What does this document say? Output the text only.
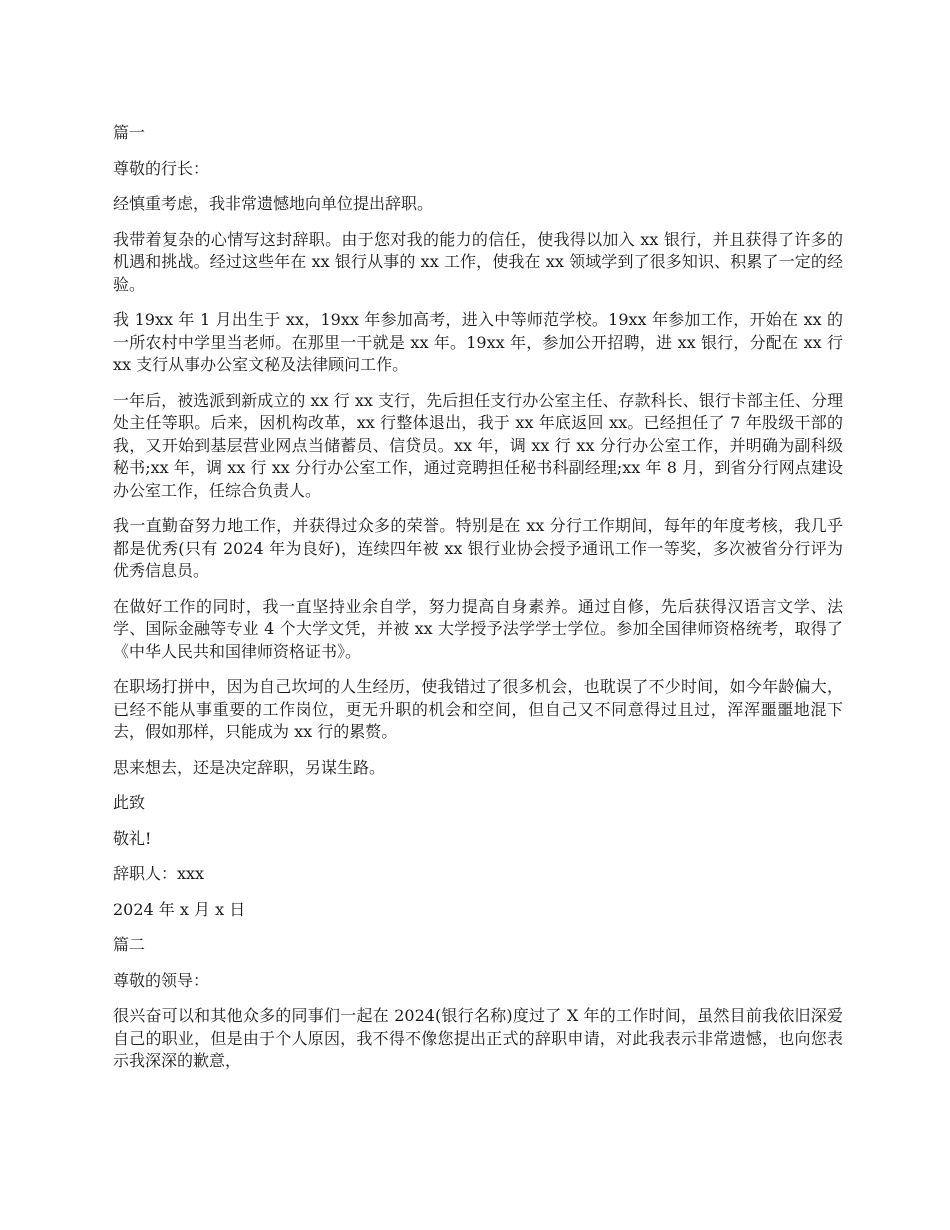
篇一

尊敬的行长：

经慎重考虑，我非常遗憾地向单位提出辞职。

我带着复杂的心情写这封辞职。由于您对我的能力的信任，使我得以加入 xx 银行，并且获得了许多的机遇和挑战。经过这些年在 xx 银行从事的 xx 工作，使我在 xx 领域学到了很多知识、积累了一定的经验。

我 19xx 年 1 月出生于 xx，19xx 年参加高考，进入中等师范学校。19xx 年参加工作，开始在 xx 的一所农村中学里当老师。在那里一干就是 xx 年。19xx 年，参加公开招聘，进 xx 银行，分配在 xx 行 xx 支行从事办公室文秘及法律顾问工作。

一年后，被选派到新成立的 xx 行 xx 支行，先后担任支行办公室主任、存款科长、银行卡部主任、分理处主任等职。后来，因机构改革，xx 行整体退出，我于 xx 年底返回 xx。已经担任了 7 年股级干部的我，又开始到基层营业网点当储蓄员、信贷员。xx 年，调 xx 行 xx 分行办公室工作，并明确为副科级秘书;xx 年，调 xx 行 xx 分行办公室工作，通过竞聘担任秘书科副经理;xx 年 8 月，到省分行网点建设办公室工作，任综合负责人。

我一直勤奋努力地工作，并获得过众多的荣誉。特别是在 xx 分行工作期间，每年的年度考核，我几乎都是优秀(只有 2024 年为良好)，连续四年被 xx 银行业协会授予通讯工作一等奖，多次被省分行评为优秀信息员。

在做好工作的同时，我一直坚持业余自学，努力提高自身素养。通过自修，先后获得汉语言文学、法学、国际金融等专业 4 个大学文凭，并被 xx 大学授予法学学士学位。参加全国律师资格统考，取得了《中华人民共和国律师资格证书》。

在职场打拼中，因为自己坎坷的人生经历，使我错过了很多机会，也耽误了不少时间，如今年龄偏大，已经不能从事重要的工作岗位，更无升职的机会和空间，但自己又不同意得过且过，浑浑噩噩地混下去，假如那样，只能成为 xx 行的累赘。

思来想去，还是决定辞职，另谋生路。

此致

敬礼!

辞职人：xxx

2024 年 x 月 x 日

篇二

尊敬的领导：

很兴奋可以和其他众多的同事们一起在 2024(银行名称)度过了 X 年的工作时间，虽然目前我依旧深爱自己的职业，但是由于个人原因，我不得不像您提出正式的辞职申请，对此我表示非常遗憾，也向您表示我深深的歉意，
